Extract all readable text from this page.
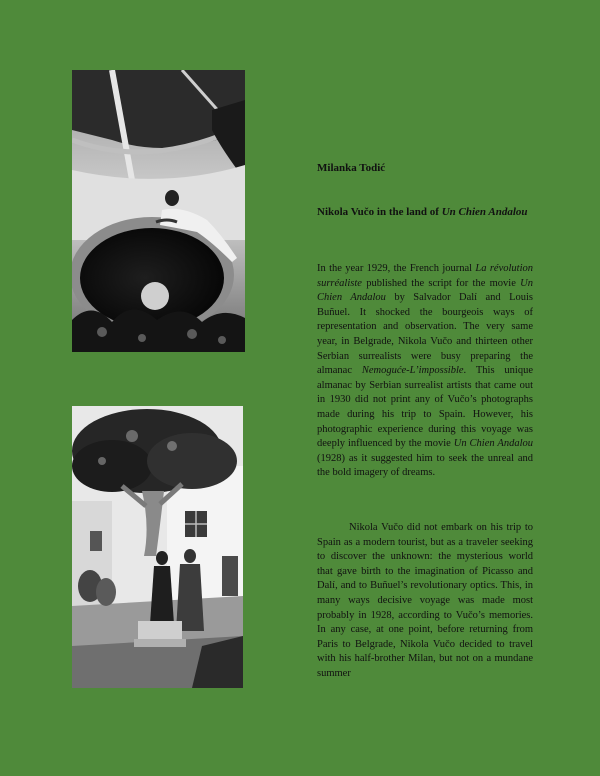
Milanka Todić
Nikola Vučo in the land of Un Chien Andalou

In the year 1929, the French journal La révolution surréaliste published the script for the movie Un Chien Andalou by Salvador Dalí and Louis Buñuel. It shocked the bourgeois ways of representation and observation. The very same year, in Belgrade, Nikola Vučo and thirteen other Serbian surrealists were busy preparing the almanac Nemoguće-L’impossible. This unique almanac by Serbian surrealist artists that came out in 1930 did not print any of Vučo’s photographs made during his trip to Spain. However, his photographic experience during this voyage was deeply influenced by the movie Un Chien Andalou (1928) as it suggested him to seek the unreal and the bold imagery of dreams.

Nikola Vučo did not embark on his trip to Spain as a modern tourist, but as a traveler seeking to discover the unknown: the mysterious world that gave birth to the imagination of Picasso and Dalí, and to Buñuel’s revolutionary optics. This, in many ways decisive voyage was made most probably in 1928, according to Vučo’s memories. In any case, at one point, before returning from Paris to Belgrade, Nikola Vučo decided to travel with his half-brother Milan, but not on a mundane summer
